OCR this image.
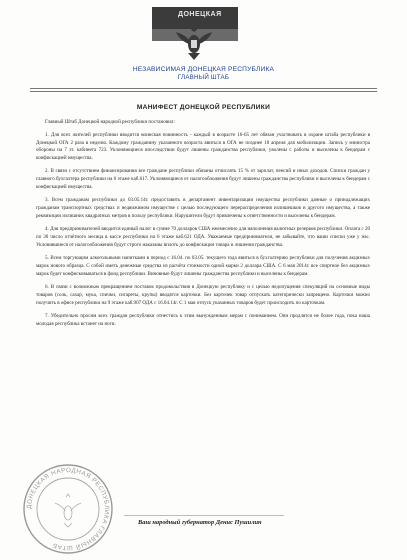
ДОНЕЦКАЯ
НЕЗАВИСИМАЯ ДОНЕЦКАЯ РЕСПУБЛИКА
ГЛАВНЫЙ ШТАБ
МАНИФЕСТ ДОНЕЦКОЙ РЕСПУБЛИКИ

Главный Штаб Донецкой народной республики постановил:

1. Для всех жителей республики вводится воинская повинность - каждый в возрасте 16-65 лет обязан участвовать в охране штаба республики в Донецкой ОГА 2 раза в неделю. Каждому гражданину указанного возраста явиться в ОГА не позднее 18 апреля для мобилизации. Запись у министра обороны на 7 эт. кабинета 723. Уклоняющиеся впоследствии будут лишены гражданства республики, уволены с работы и выселены к бендерам с конфискацией имущества.

2. В связи с отсутствием финансирования все граждане республики обязаны отчислять 15 % от зарплат, пенсий и иных доходов. Списки граждан у главного бухгалтера республики на 6 этаже каб.617. Уклоняющиеся от налогообложения будут лишены гражданства республики и выселены к бендерам с конфискацией имущества.

3. Всем гражданам республики до 03.05.14г. предоставить в департамент инвентаризации имущества республики данные о принадлежащих гражданам транспортных средствах и недвижимом имуществе с целью последующего перераспределения излишешков и другого имущества, а также реквизиции излишних квадратных метров в пользу республики. Нарушители будут привлечены к ответственности и выселены к бендерам.

4. Для предпринимателей вводится единый налог в сумме 70 долларов США ежемесячно для наполнения валютных резервов республики. Оплата с 20 по 30 число отчётного месяца в кассе республики на 6 этаже каб.621 ОДА. Уважаемые предприниматели, не забывайте, что ваши списки уже у нас. Уклонившиеся от налогообложения будут строго наказаны вплоть до конфискации товара и лишения гражданства.

5. Всем торгующим алкогольными напитками в период с 16.04. по 03.05. текущего года явиться в бухгалтерию республики для получения акцизных марок нового образца. С собой иметь денежные средства из расчёта стоимости одной марки 2 доллара США. С 6 мая 2014г. все спиртное без акцизных марок будет конфисковываться в фонд республики. Виновные будут лишены гражданства республики и выселены к бендерам.

6. В связи с возможным прекращением поставок продовольствия в Донецкую республику и с целью недопущения спекуляций на основные виды товаров (соль, сахар, мука, спички, сигареты, крупы) вводятся карточки. Без карточек товар отпускать категорически запрещено. Карточки можно получить в офисе республики на 9 этаже каб.907 ОДА с 16.04.14г. С 1 мая отпуск указанных товаров будет происходить по карточкам.

7. Убедительно просим всех граждан республики отнестись к этим вынужденным мерам с пониманием. Они продлятся не более года, пока наша молодая республика встанет на ноги.

ДОНЕЦКАЯ НАРОДНАЯ РЕСПУБЛИКА ГЛАВНЫЙ ШТАБ
Ваш народный губернатор Денис Пушилин
